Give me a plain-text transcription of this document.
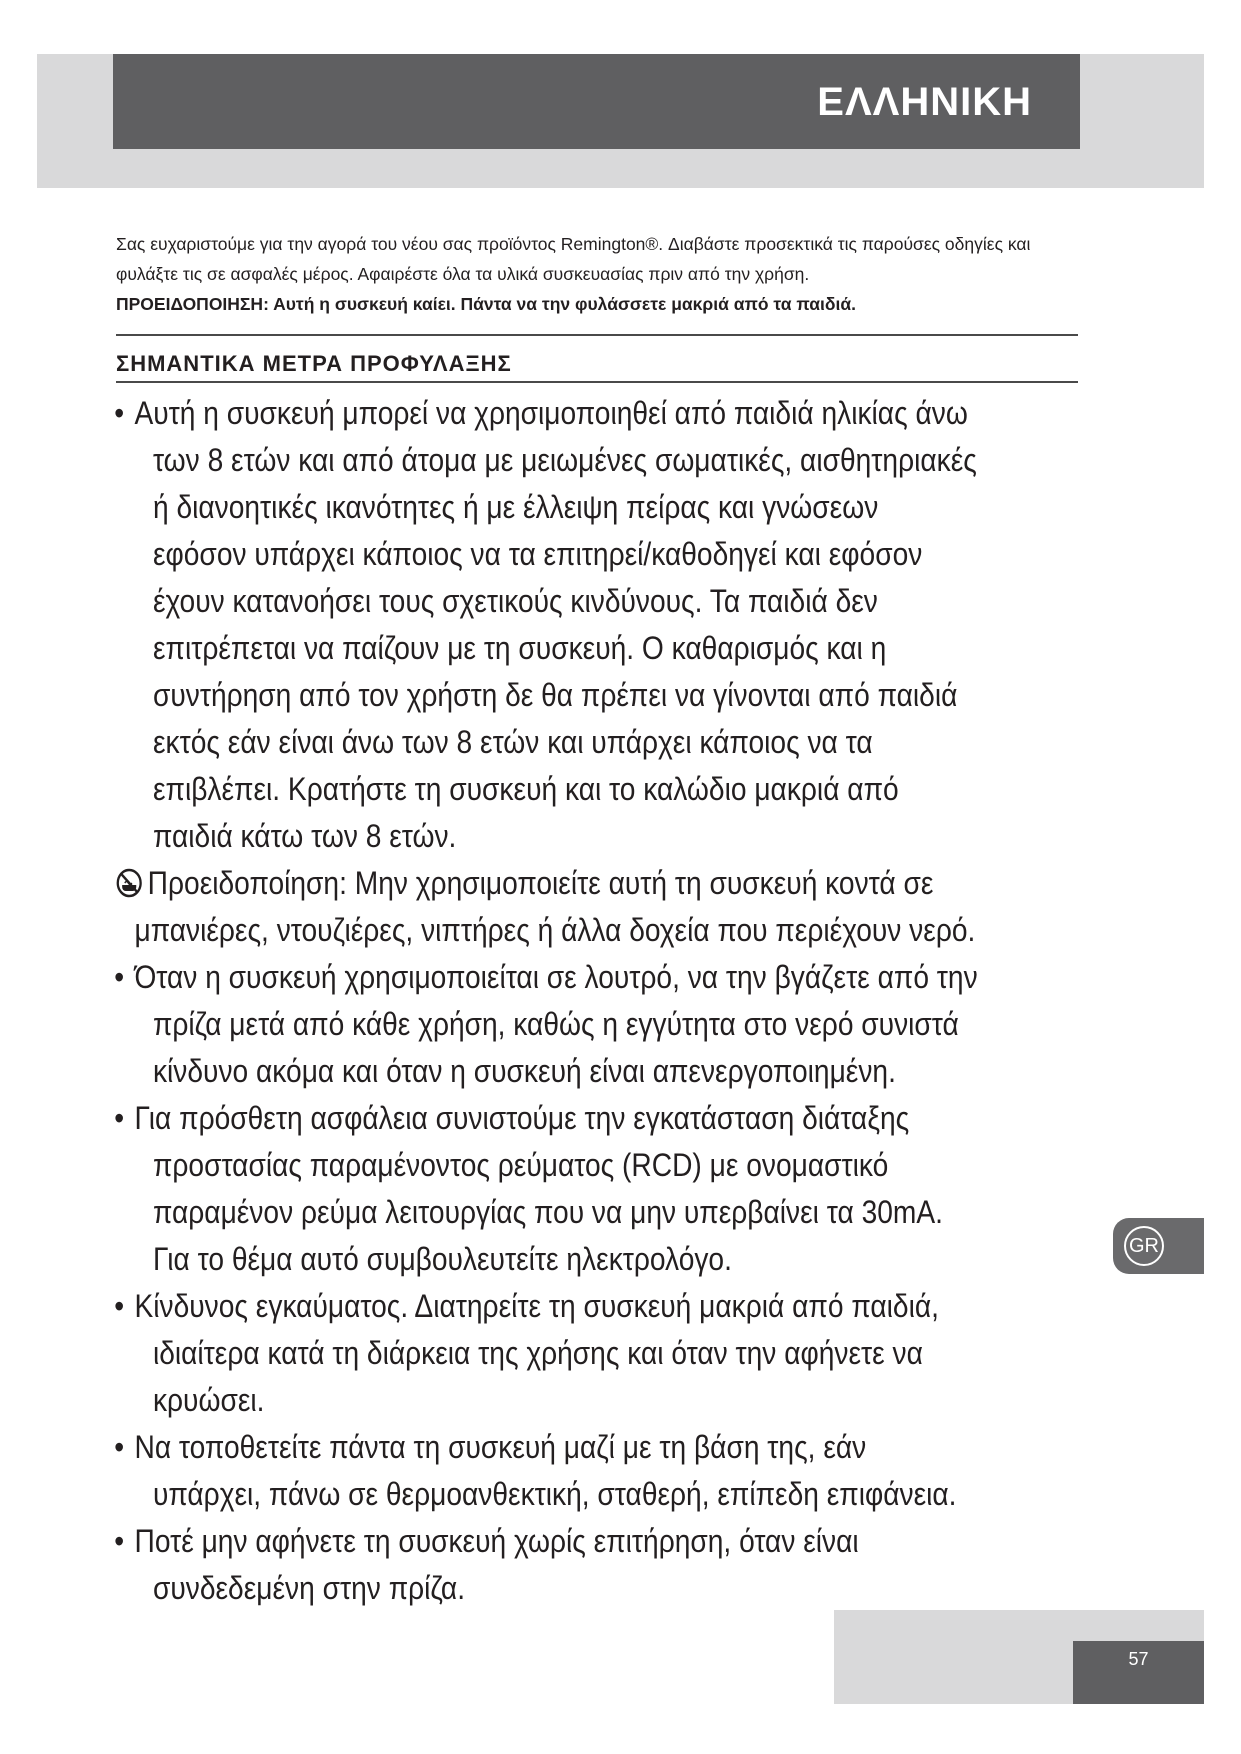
ΕΛΛΗΝΙΚΗ

Σας ευχαριστούμε για την αγορά του νέου σας προϊόντος Remington®. Διαβάστε προσεκτικά τις παρούσες οδηγίες και φυλάξτε τις σε ασφαλές μέρος. Αφαιρέστε όλα τα υλικά συσκευασίας πριν από την χρήση.

ΠΡΟΕΙΔΟΠΟΙΗΣΗ: Αυτή η συσκευή καίει. Πάντα να την φυλάσσετε μακριά από τα παιδιά.

ΣΗΜΑΝΤΙΚΑ ΜΕΤΡΑ ΠΡΟΦΥΛΑΞΗΣ
• Αυτή η συσκευή μπορεί να χρησιμοποιηθεί από παιδιά ηλικίας άνω των 8 ετών και από άτομα με μειωμένες σωματικές, αισθητηριακές ή διανοητικές ικανότητες ή με έλλειψη πείρας και γνώσεων εφόσον υπάρχει κάποιος να τα επιτηρεί/καθοδηγεί και εφόσον έχουν κατανοήσει τους σχετικούς κινδύνους. Τα παιδιά δεν επιτρέπεται να παίζουν με τη συσκευή. Ο καθαρισμός και η συντήρηση από τον χρήστη δε θα πρέπει να γίνονται από παιδιά εκτός εάν είναι άνω των 8 ετών και υπάρχει κάποιος να τα επιβλέπει. Κρατήστε τη συσκευή και το καλώδιο μακριά από παιδιά κάτω των 8 ετών.
Προειδοποίηση: Μην χρησιμοποιείτε αυτή τη συσκευή κοντά σε μπανιέρες, ντουζιέρες, νιπτήρες ή άλλα δοχεία που περιέχουν νερό.
• Όταν η συσκευή χρησιμοποιείται σε λουτρό, να την βγάζετε από την πρίζα μετά από κάθε χρήση, καθώς η εγγύτητα στο νερό συνιστά κίνδυνο ακόμα και όταν η συσκευή είναι απενεργοποιημένη.
• Για πρόσθετη ασφάλεια συνιστούμε την εγκατάσταση διάταξης προστασίας παραμένοντος ρεύματος (RCD) με ονομαστικό παραμένον ρεύμα λειτουργίας που να μην υπερβαίνει τα 30mA. Για το θέμα αυτό συμβουλευτείτε ηλεκτρολόγο.
• Κίνδυνος εγκαύματος. Διατηρείτε τη συσκευή μακριά από παιδιά, ιδιαίτερα κατά τη διάρκεια της χρήσης και όταν την αφήνετε να κρυώσει.
• Να τοποθετείτε πάντα τη συσκευή μαζί με τη βάση της, εάν υπάρχει, πάνω σε θερμοανθεκτική, σταθερή, επίπεδη επιφάνεια.
• Ποτέ μην αφήνετε τη συσκευή χωρίς επιτήρηση, όταν είναι συνδεδεμένη στην πρίζα.
GR
57
